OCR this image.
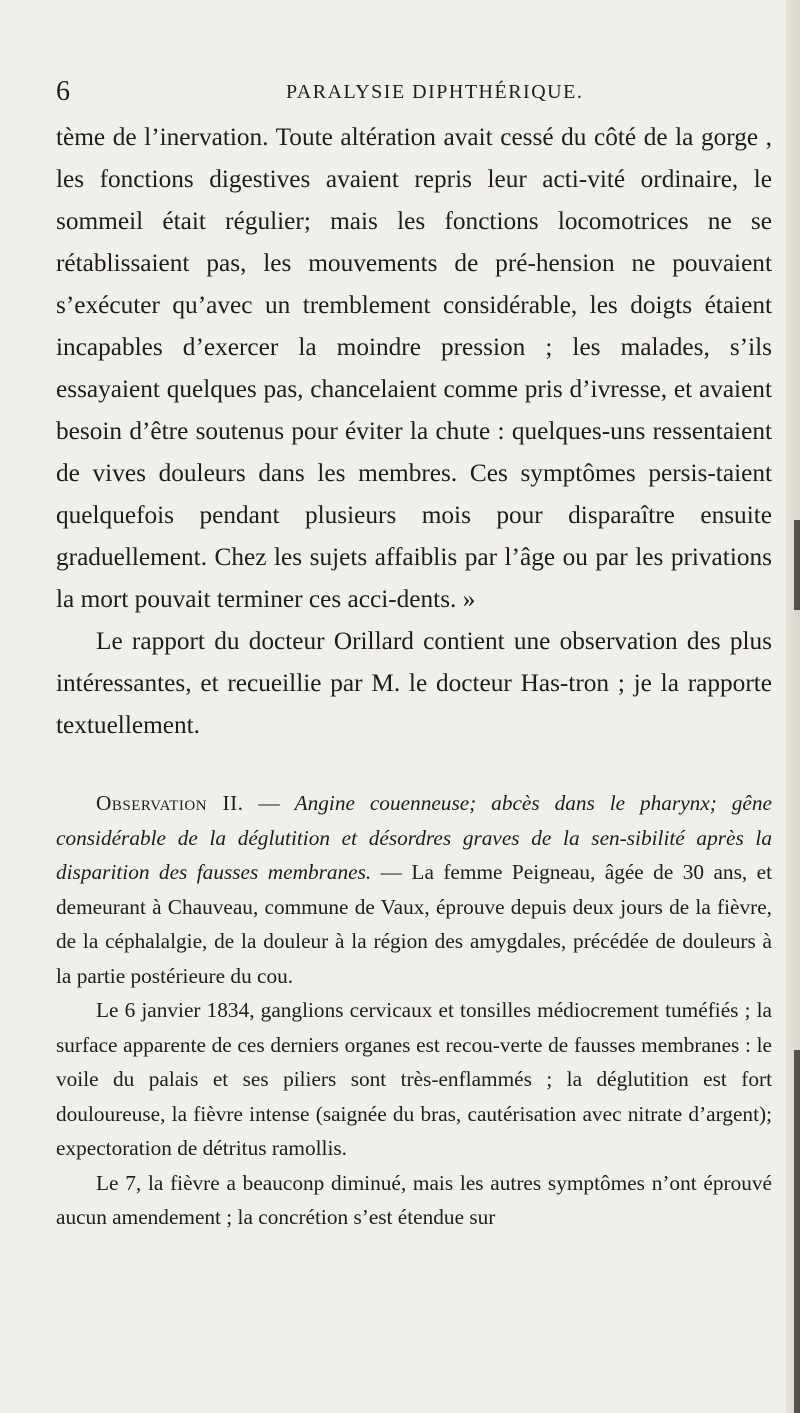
6	PARALYSIE DIPHTHÉRIQUE.

tème de l’inervation. Toute altération avait cessé du côté de la gorge , les fonctions digestives avaient repris leur acti-vité ordinaire, le sommeil était régulier; mais les fonctions locomotrices ne se rétablissaient pas, les mouvements de pré-hension ne pouvaient s’exécuter qu’avec un tremblement considérable, les doigts étaient incapables d’exercer la moindre pression ; les malades, s’ils essayaient quelques pas, chancelaient comme pris d’ivresse, et avaient besoin d’être soutenus pour éviter la chute : quelques-uns ressentaient de vives douleurs dans les membres. Ces symptômes persis-taient quelquefois pendant plusieurs mois pour disparaître ensuite graduellement. Chez les sujets affaiblis par l’âge ou par les privations la mort pouvait terminer ces acci-dents. »

Le rapport du docteur Orillard contient une observation des plus intéressantes, et recueillie par M. le docteur Has-tron ; je la rapporte textuellement.

Observation II. — Angine couenneuse; abcès dans le pharynx; gêne considérable de la déglutition et désordres graves de la sen-sibilité après la disparition des fausses membranes. — La femme Peigneau, âgée de 30 ans, et demeurant à Chauveau, commune de Vaux, éprouve depuis deux jours de la fièvre, de la céphalalgie, de la douleur à la région des amygdales, précédée de douleurs à la partie postérieure du cou.

Le 6 janvier 1834, ganglions cervicaux et tonsilles médiocrement tuméfiés ; la surface apparente de ces derniers organes est recou-verte de fausses membranes : le voile du palais et ses piliers sont très-enflammés ; la déglutition est fort douloureuse, la fièvre intense (saignée du bras, cautérisation avec nitrate d’argent); expectoration de détritus ramollis.

Le 7, la fièvre a beauconp diminué, mais les autres symptômes n’ont éprouvé aucun amendement ; la concrétion s’est étendue sur
